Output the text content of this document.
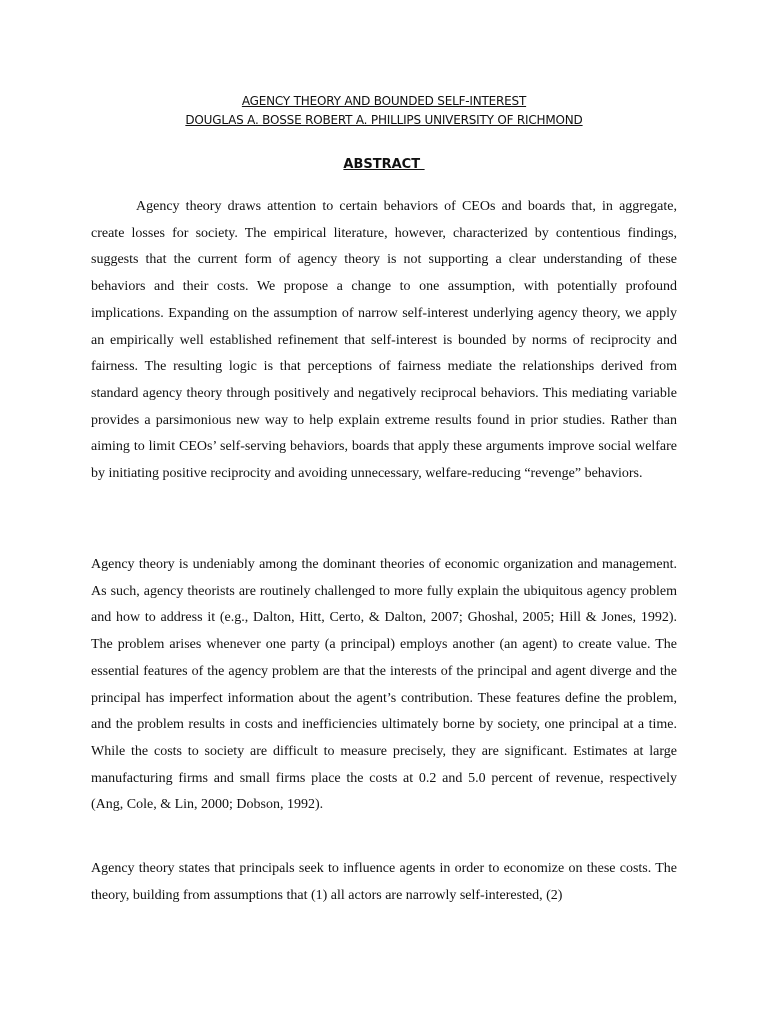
AGENCY THEORY AND BOUNDED SELF-INTEREST
DOUGLAS A. BOSSE ROBERT A. PHILLIPS UNIVERSITY OF RICHMOND
ABSTRACT

Agency theory draws attention to certain behaviors of CEOs and boards that, in aggregate, create losses for society. The empirical literature, however, characterized by contentious findings, suggests that the current form of agency theory is not supporting a clear understanding of these behaviors and their costs. We propose a change to one assumption, with potentially profound implications. Expanding on the assumption of narrow self-interest underlying agency theory, we apply an empirically well established refinement that self-interest is bounded by norms of reciprocity and fairness. The resulting logic is that perceptions of fairness mediate the relationships derived from standard agency theory through positively and negatively reciprocal behaviors. This mediating variable provides a parsimonious new way to help explain extreme results found in prior studies. Rather than aiming to limit CEOs’ self-serving behaviors, boards that apply these arguments improve social welfare by initiating positive reciprocity and avoiding unnecessary, welfare-reducing “revenge” behaviors.

Agency theory is undeniably among the dominant theories of economic organization and management. As such, agency theorists are routinely challenged to more fully explain the ubiquitous agency problem and how to address it (e.g., Dalton, Hitt, Certo, & Dalton, 2007; Ghoshal, 2005; Hill & Jones, 1992). The problem arises whenever one party (a principal) employs another (an agent) to create value. The essential features of the agency problem are that the interests of the principal and agent diverge and the principal has imperfect information about the agent’s contribution. These features define the problem, and the problem results in costs and inefficiencies ultimately borne by society, one principal at a time. While the costs to society are difficult to measure precisely, they are significant. Estimates at large manufacturing firms and small firms place the costs at 0.2 and 5.0 percent of revenue, respectively (Ang, Cole, & Lin, 2000; Dobson, 1992).

Agency theory states that principals seek to influence agents in order to economize on these costs. The theory, building from assumptions that (1) all actors are narrowly self-interested, (2)
